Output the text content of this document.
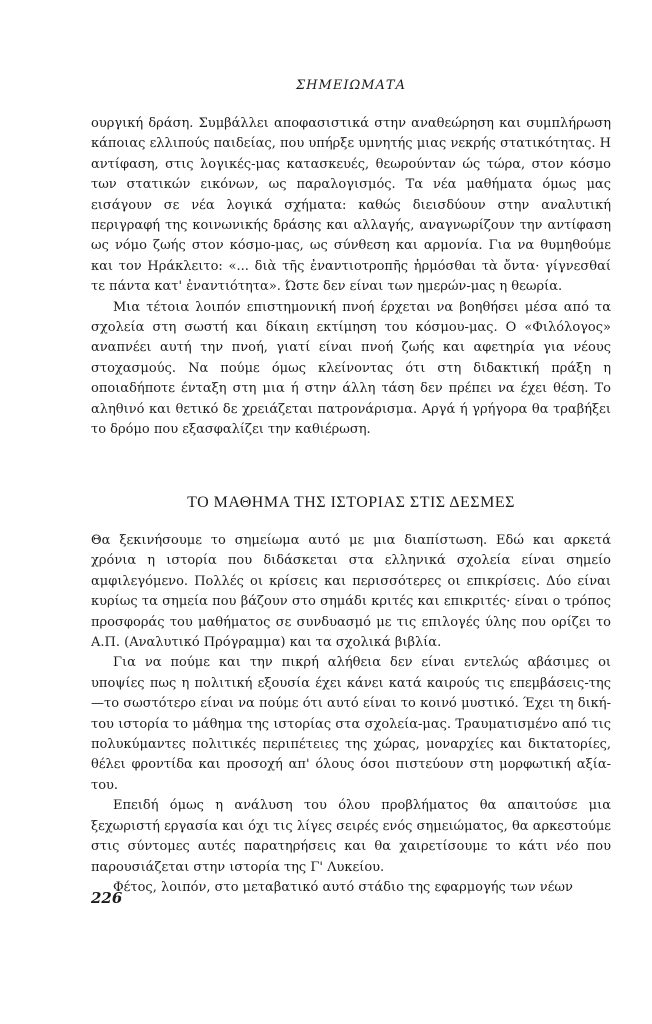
ΣΗΜΕΙΩΜΑΤΑ

ουργική δράση. Συμβάλλει αποφασιστικά στην αναθεώρηση και συμπλήρωση κάποιας ελλιπούς παιδείας, που υπήρξε υμνητής μιας νεκρής στατικότητας. Η αντίφαση, στις λογικές-μας κατασκευές, θεωρούνταν ώς τώρα, στον κόσμο των στατικών εικόνων, ως παραλογισμός. Τα νέα μαθήματα όμως μας εισάγουν σε νέα λογικά σχήματα: καθώς διεισδύουν στην αναλυτική περιγραφή της κοινωνικής δράσης και αλλαγής, αναγνωρίζουν την αντίφαση ως νόμο ζωής στον κόσμο-μας, ως σύνθεση και αρμονία. Για να θυμηθούμε και τον Ηράκλειτο: «... διὰ τῆς ἐναντιοτροπῆς ἡρμόσθαι τὰ ὄντα· γίγνεσθαί τε πάντα κατ' ἐναντιότητα». Ώστε δεν είναι των ημερών-μας η θεωρία.

Μια τέτοια λοιπόν επιστημονική πνοή έρχεται να βοηθήσει μέσα από τα σχολεία στη σωστή και δίκαιη εκτίμηση του κόσμου-μας. Ο «Φιλόλογος» αναπνέει αυτή την πνοή, γιατί είναι πνοή ζωής και αφετηρία για νέους στοχασμούς. Να πούμε όμως κλείνοντας ότι στη διδακτική πράξη η οποιαδήποτε ένταξη στη μια ή στην άλλη τάση δεν πρέπει να έχει θέση. Το αληθινό και θετικό δε χρειάζεται πατρονάρισμα. Αργά ή γρήγορα θα τραβήξει το δρόμο που εξασφαλίζει την καθιέρωση.

ΤΟ ΜΑΘΗΜΑ ΤΗΣ ΙΣΤΟΡΙΑΣ ΣΤΙΣ ΔΕΣΜΕΣ

Θα ξεκινήσουμε το σημείωμα αυτό με μια διαπίστωση. Εδώ και αρκετά χρόνια η ιστορία που διδάσκεται στα ελληνικά σχολεία είναι σημείο αμφιλεγόμενο. Πολλές οι κρίσεις και περισσότερες οι επικρίσεις. Δύο είναι κυρίως τα σημεία που βάζουν στο σημάδι κριτές και επικριτές· είναι ο τρόπος προσφοράς του μαθήματος σε συνδυασμό με τις επιλογές ύλης που ορίζει το Α.Π. (Αναλυτικό Πρόγραμμα) και τα σχολικά βιβλία.

Για να πούμε και την πικρή αλήθεια δεν είναι εντελώς αβάσιμες οι υποψίες πως η πολιτική εξουσία έχει κάνει κατά καιρούς τις επεμβάσεις-της—το σωστότερο είναι να πούμε ότι αυτό είναι το κοινό μυστικό. Έχει τη δική-του ιστορία το μάθημα της ιστορίας στα σχολεία-μας. Τραυματισμένο από τις πολυκύμαντες πολιτικές περιπέτειες της χώρας, μοναρχίες και δικτατορίες, θέλει φροντίδα και προσοχή απ' όλους όσοι πιστεύουν στη μορφωτική αξία-του.

Επειδή όμως η ανάλυση του όλου προβλήματος θα απαιτούσε μια ξεχωριστή εργασία και όχι τις λίγες σειρές ενός σημειώματος, θα αρκεστούμε στις σύντομες αυτές παρατηρήσεις και θα χαιρετίσουμε το κάτι νέο που παρουσιάζεται στην ιστορία της Γ' Λυκείου.

Φέτος, λοιπόν, στο μεταβατικό αυτό στάδιο της εφαρμογής των νέων

226
